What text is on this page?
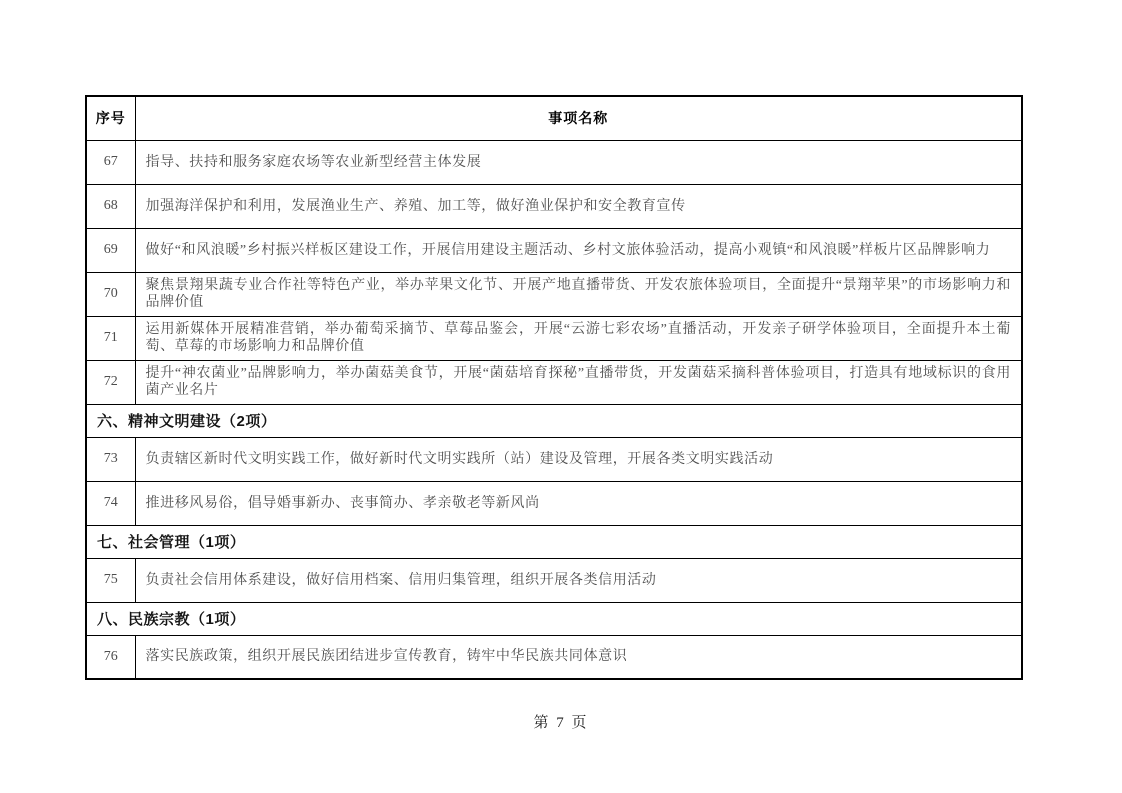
序号	事项名称
67	指导、扶持和服务家庭农场等农业新型经营主体发展
68	加强海洋保护和利用，发展渔业生产、养殖、加工等，做好渔业保护和安全教育宣传
69	做好“和风浪暖”乡村振兴样板区建设工作，开展信用建设主题活动、乡村文旅体验活动，提高小观镇“和风浪暖”样板片区品牌影响力
70	聚焦景翔果蔬专业合作社等特色产业，举办苹果文化节、开展产地直播带货、开发农旅体验项目，全面提升“景翔苹果”的市场影响力和品牌价值
71	运用新媒体开展精准营销，举办葡萄采摘节、草莓品鉴会，开展“云游七彩农场”直播活动，开发亲子研学体验项目，全面提升本土葡萄、草莓的市场影响力和品牌价值
72	提升“神农菌业”品牌影响力，举办菌菇美食节，开展“菌菇培育探秘”直播带货，开发菌菇采摘科普体验项目，打造具有地域标识的食用菌产业名片
六、精神文明建设（2项）	
73	负责辖区新时代文明实践工作，做好新时代文明实践所（站）建设及管理，开展各类文明实践活动
74	推进移风易俗，倡导婚事新办、丧事简办、孝亲敬老等新风尚
七、社会管理（1项）	
75	负责社会信用体系建设，做好信用档案、信用归集管理，组织开展各类信用活动
八、民族宗教（1项）	
76	落实民族政策，组织开展民族团结进步宣传教育，铸牢中华民族共同体意识
第 7 页
